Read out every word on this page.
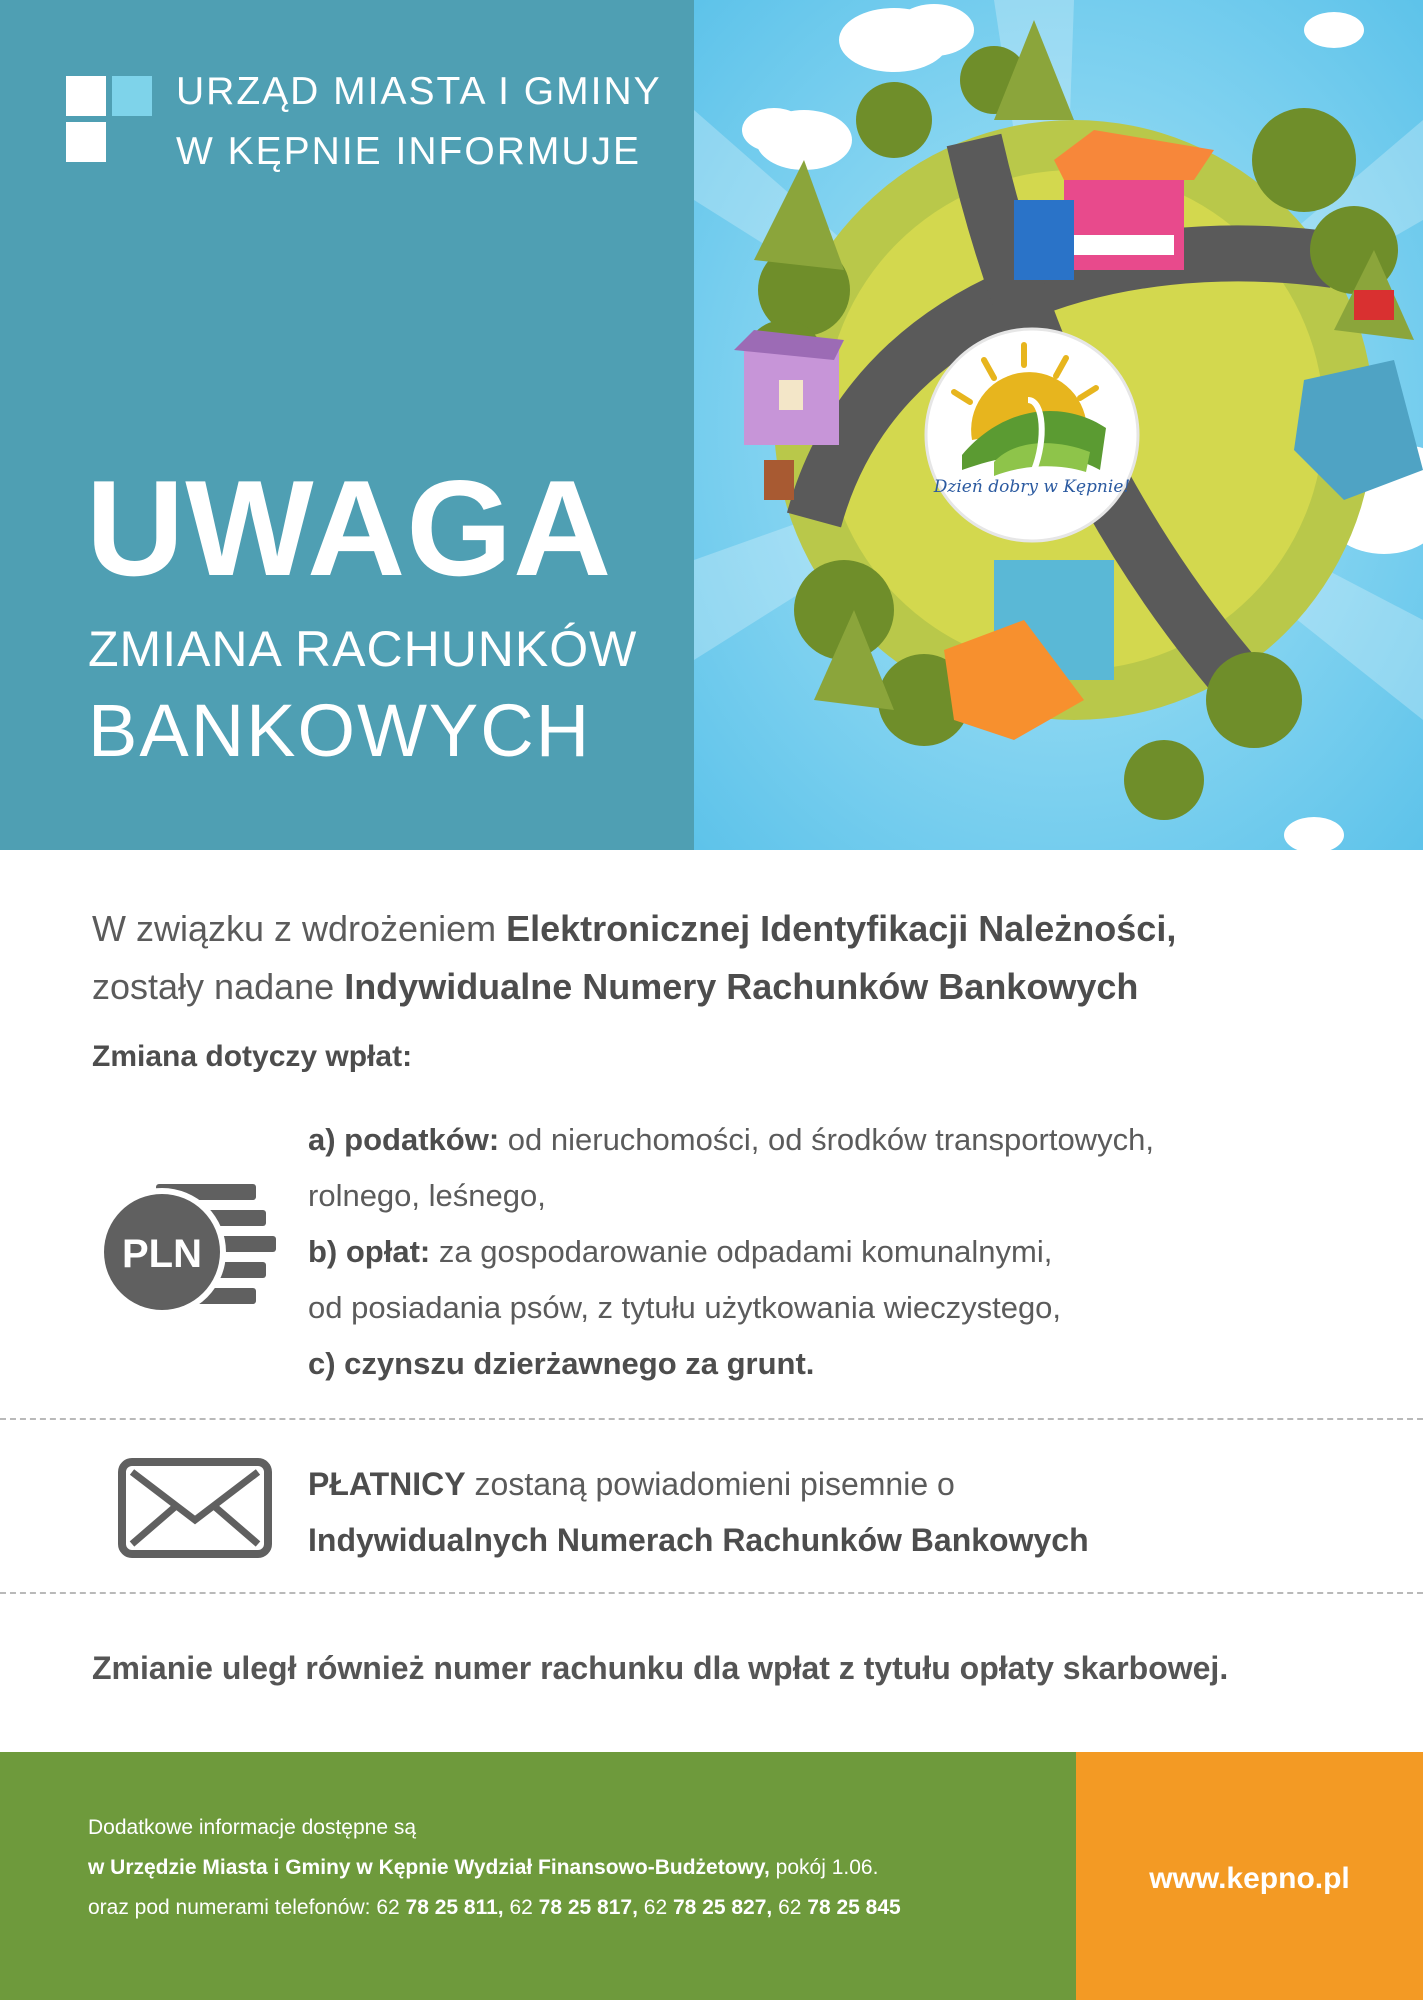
URZĄD MIASTA I GMINY
W KĘPNIE INFORMUJE
UWAGA
ZMIANA RACHUNKÓW
BANKOWYCH
Dzień dobry w Kępnie!
W związku z wdrożeniem Elektronicznej Identyfikacji Należności,
zostały nadane Indywidualne Numery Rachunków Bankowych
Zmiana dotyczy wpłat:
PLN
a) podatków: od nieruchomości, od środków transportowych,
rolnego, leśnego,
b) opłat: za gospodarowanie odpadami komunalnymi,
od posiadania psów, z tytułu użytkowania wieczystego,
c) czynszu dzierżawnego za grunt.
PŁATNICY zostaną powiadomieni pisemnie o
Indywidualnych Numerach Rachunków Bankowych
Zmianie uległ również numer rachunku dla wpłat z tytułu opłaty skarbowej.
Dodatkowe informacje dostępne są
w Urzędzie Miasta i Gminy w Kępnie Wydział Finansowo-Budżetowy, pokój 1.06.
oraz pod numerami telefonów: 62 78 25 811, 62 78 25 817, 62 78 25 827, 62 78 25 845
www.kepno.pl
